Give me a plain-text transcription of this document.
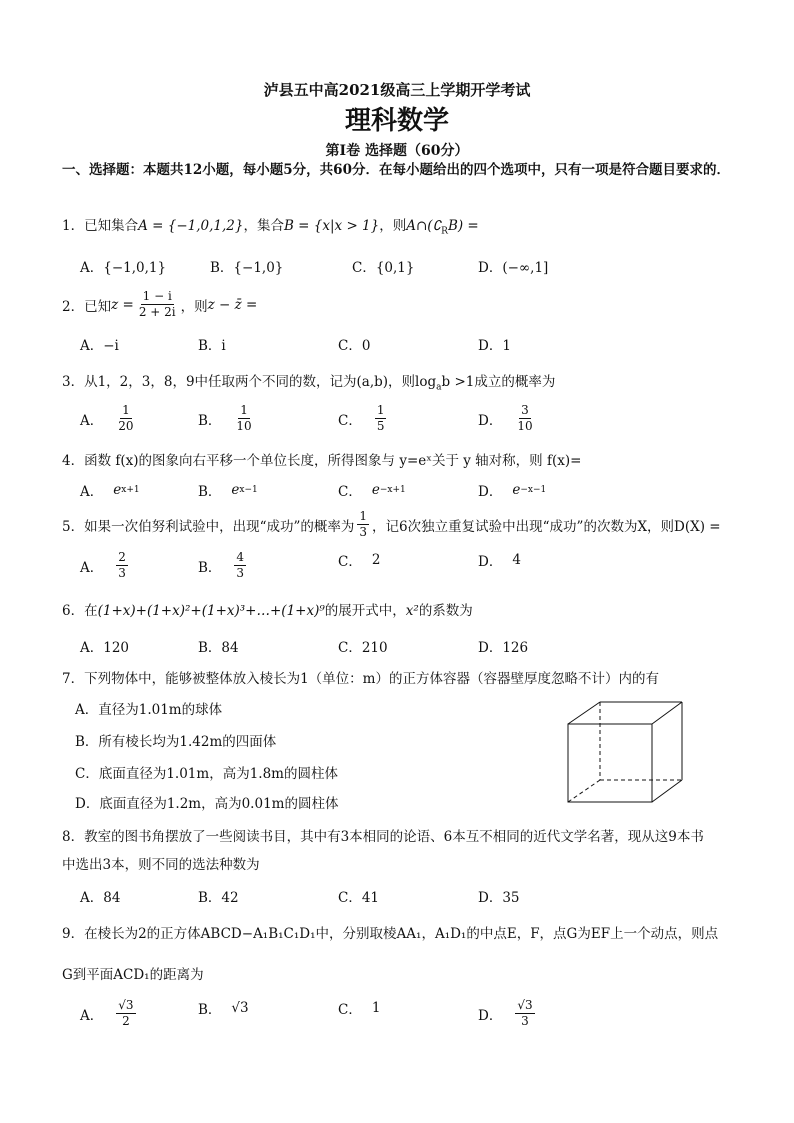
泸县五中高2021级高三上学期开学考试
理科数学
第I卷 选择题（60分）
一、选择题：本题共12小题，每小题5分，共60分．在每小题给出的四个选项中，只有一项是符合题目要求的．
1．已知集合A = {−1,0,1,2}，集合B = {x|x > 1}，则$A\cap(∁_RB)$ =
A．{−1,0,1}	B．{−1,0}	C．{0,1}	D．(−∞,1]
2．已知 $z = \frac{1 - i}{2 + 2i}$ ，则 z − z̄ =
A．−i	B．i	C．0	D．1
3．从1，2，3，8，9中任取两个不同的数，记为(a,b)，则$\log_ab >1$成立的概率为
A． $\frac{1}{20}$	B． $\frac{1}{10}$	C． $\frac{1}{5}$	D． $\frac{3}{10}$
4．函数 f(x)的图象向右平移一个单位长度，所得图象与 y=eˣ关于 y 轴对称，则 f(x)=
A． e x+1	B． e x−1	C． e −x+1	D． e −x−1
5．如果一次伯努利试验中，出现“成功”的概率为 $\frac{1}{3}$ ，记6次独立重复试验中出现“成功”的次数为X，则D(X) =
A． $\frac{2}{3}$	B． $\frac{4}{3}$	C． 2	D． 4
6．在(1+x)+(1+x)²+(1+x)³+…+(1+x)⁹的展开式中，x²的系数为
A．120	B．84	C．210	D．126
7．下列物体中，能够被整体放入棱长为1（单位：m）的正方体容器（容器壁厚度忽略不计）内的有
A．直径为1.01m的球体
B．所有棱长均为1.42m的四面体
C．底面直径为1.01m，高为1.8m的圆柱体
D．底面直径为1.2m，高为0.01m的圆柱体
8．教室的图书角摆放了一些阅读书目，其中有3本相同的论语、6本互不相同的近代文学名著，现从这9本书
中选出3本，则不同的选法种数为
A．84	B．42	C．41	D．35
9．在棱长为2的正方体ABCD−A₁B₁C₁D₁中，分别取棱AA₁，A₁D₁的中点E，F，点G为EF上一个动点，则点
G到平面ACD₁的距离为
A． $\frac{√3}{2}$	B． √3	C． 1	D． $\frac{√3}{3}$
